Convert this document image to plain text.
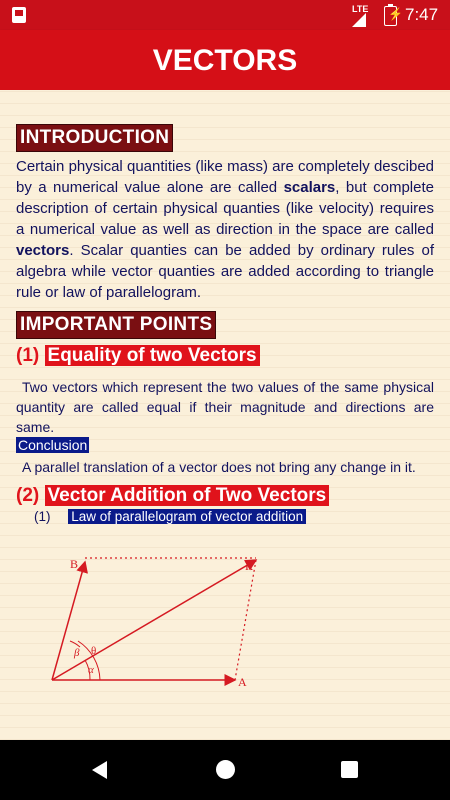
LTE ⚡ 7:47
VECTORS
INTRODUCTION

Certain physical quantities (like mass) are completely descibed by a numerical value alone are called scalars, but complete description of certain physical quanties (like velocity) requires a numerical value as well as direction in the space are called vectors. Scalar quanties can be added by ordinary rules of algebra while vector quanties are added according to triangle rule or law of parallelogram.

IMPORTANT POINTS
(1) Equality of two Vectors

Two vectors which represent the two values of the same physical quantity are called equal if their magnitude and directions are same.

Conclusion

A parallel translation of a vector does not bring any change in it.

(2) Vector Addition of Two Vectors
(1) Law of parallelogram of vector addition
B	R
A
β
α
θ
